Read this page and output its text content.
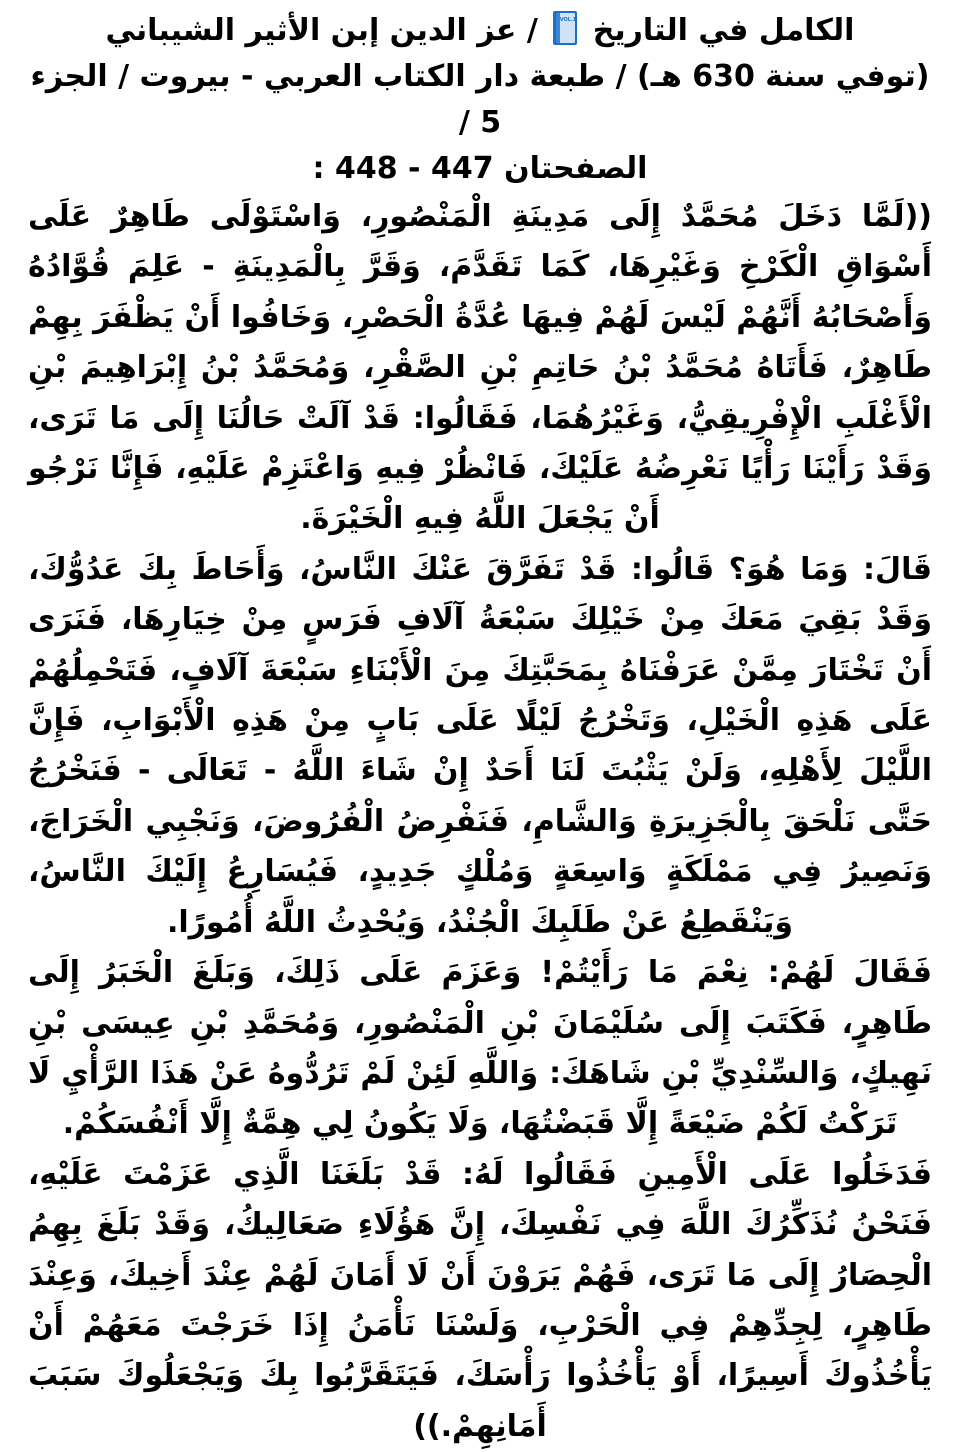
الكامل في التاريخ
VOL.1
/ عز الدين إبن الأثير الشيباني
(توفي سنة 630 هـ) / طبعة دار الكتاب العربي - بيروت / الجزء 5 /
الصفحتان 447 - 448 :

((لَمَّا دَخَلَ مُحَمَّدٌ إِلَى مَدِينَةِ الْمَنْصُورِ، وَاسْتَوْلَى طَاهِرٌ عَلَى أَسْوَاقِ الْكَرْخِ وَغَيْرِهَا، كَمَا تَقَدَّمَ، وَقَرَّ بِالْمَدِينَةِ - عَلِمَ قُوَّادُهُ وَأَصْحَابُهُ أَنَّهُمْ لَيْسَ لَهُمْ فِيهَا عُدَّةُ الْحَصْرِ، وَخَافُوا أَنْ يَظْفَرَ بِهِمْ طَاهِرٌ، فَأَتَاهُ مُحَمَّدُ بْنُ حَاتِمِ بْنِ الصَّقْرِ، وَمُحَمَّدُ بْنُ إِبْرَاهِيمَ بْنِ الْأَغْلَبِ الْإِفْرِيقِيُّ، وَغَيْرُهُمَا، فَقَالُوا: قَدْ آلَتْ حَالُنَا إِلَى مَا تَرَى، وَقَدْ رَأَيْنَا رَأْيًا نَعْرِضُهُ عَلَيْكَ، فَانْظُرْ فِيهِ وَاعْتَزِمْ عَلَيْهِ، فَإِنَّا نَرْجُو أَنْ يَجْعَلَ اللَّهُ فِيهِ الْخَيْرَةَ.

قَالَ: وَمَا هُوَ؟ قَالُوا: قَدْ تَفَرَّقَ عَنْكَ النَّاسُ، وَأَحَاطَ بِكَ عَدُوُّكَ، وَقَدْ بَقِيَ مَعَكَ مِنْ خَيْلِكَ سَبْعَةُ آلَافِ فَرَسٍ مِنْ خِيَارِهَا، فَنَرَى أَنْ تَخْتَارَ مِمَّنْ عَرَفْنَاهُ بِمَحَبَّتِكَ مِنَ الْأَبْنَاءِ سَبْعَةَ آلَافٍ، فَتَحْمِلُهُمْ عَلَى هَذِهِ الْخَيْلِ، وَتَخْرُجُ لَيْلًا عَلَى بَابٍ مِنْ هَذِهِ الْأَبْوَابِ، فَإِنَّ اللَّيْلَ لِأَهْلِهِ، وَلَنْ يَثْبُتَ لَنَا أَحَدٌ إِنْ شَاءَ اللَّهُ - تَعَالَى - فَنَخْرُجُ حَتَّى نَلْحَقَ بِالْجَزِيرَةِ وَالشَّامِ، فَنَفْرِضُ الْفُرُوضَ، وَنَجْبِي الْخَرَاجَ، وَنَصِيرُ فِي مَمْلَكَةٍ وَاسِعَةٍ وَمُلْكٍ جَدِيدٍ، فَيُسَارِعُ إِلَيْكَ النَّاسُ، وَيَنْقَطِعُ عَنْ طَلَبِكَ الْجُنْدُ، وَيُحْدِثُ اللَّهُ أُمُورًا.

فَقَالَ لَهُمْ: نِعْمَ مَا رَأَيْتُمْ! وَعَزَمَ عَلَى ذَلِكَ، وَبَلَغَ الْخَبَرُ إِلَى طَاهِرٍ، فَكَتَبَ إِلَى سُلَيْمَانَ بْنِ الْمَنْصُورِ، وَمُحَمَّدِ بْنِ عِيسَى بْنِ نَهِيكٍ، وَالسِّنْدِيِّ بْنِ شَاهَكَ: وَاللَّهِ لَئِنْ لَمْ تَرُدُّوهُ عَنْ هَذَا الرَّأْيِ لَا تَرَكْتُ لَكُمْ ضَيْعَةً إِلَّا قَبَضْتُهَا، وَلَا يَكُونُ لِي هِمَّةٌ إِلَّا أَنْفُسَكُمْ.

فَدَخَلُوا عَلَى الْأَمِينِ فَقَالُوا لَهُ: قَدْ بَلَغَنَا الَّذِي عَزَمْتَ عَلَيْهِ، فَنَحْنُ نُذَكِّرُكَ اللَّهَ فِي نَفْسِكَ، إِنَّ هَؤُلَاءِ صَعَالِيكُ، وَقَدْ بَلَغَ بِهِمُ الْحِصَارُ إِلَى مَا تَرَى، فَهُمْ يَرَوْنَ أَنْ لَا أَمَانَ لَهُمْ عِنْدَ أَخِيكَ، وَعِنْدَ طَاهِرٍ، لِجِدِّهِمْ فِي الْحَرْبِ، وَلَسْنَا نَأْمَنُ إِذَا خَرَجْتَ مَعَهُمْ أَنْ يَأْخُذُوكَ أَسِيرًا، أَوْ يَأْخُذُوا رَأْسَكَ، فَيَتَقَرَّبُوا بِكَ وَيَجْعَلُوكَ سَبَبَ أَمَانِهِمْ.))
